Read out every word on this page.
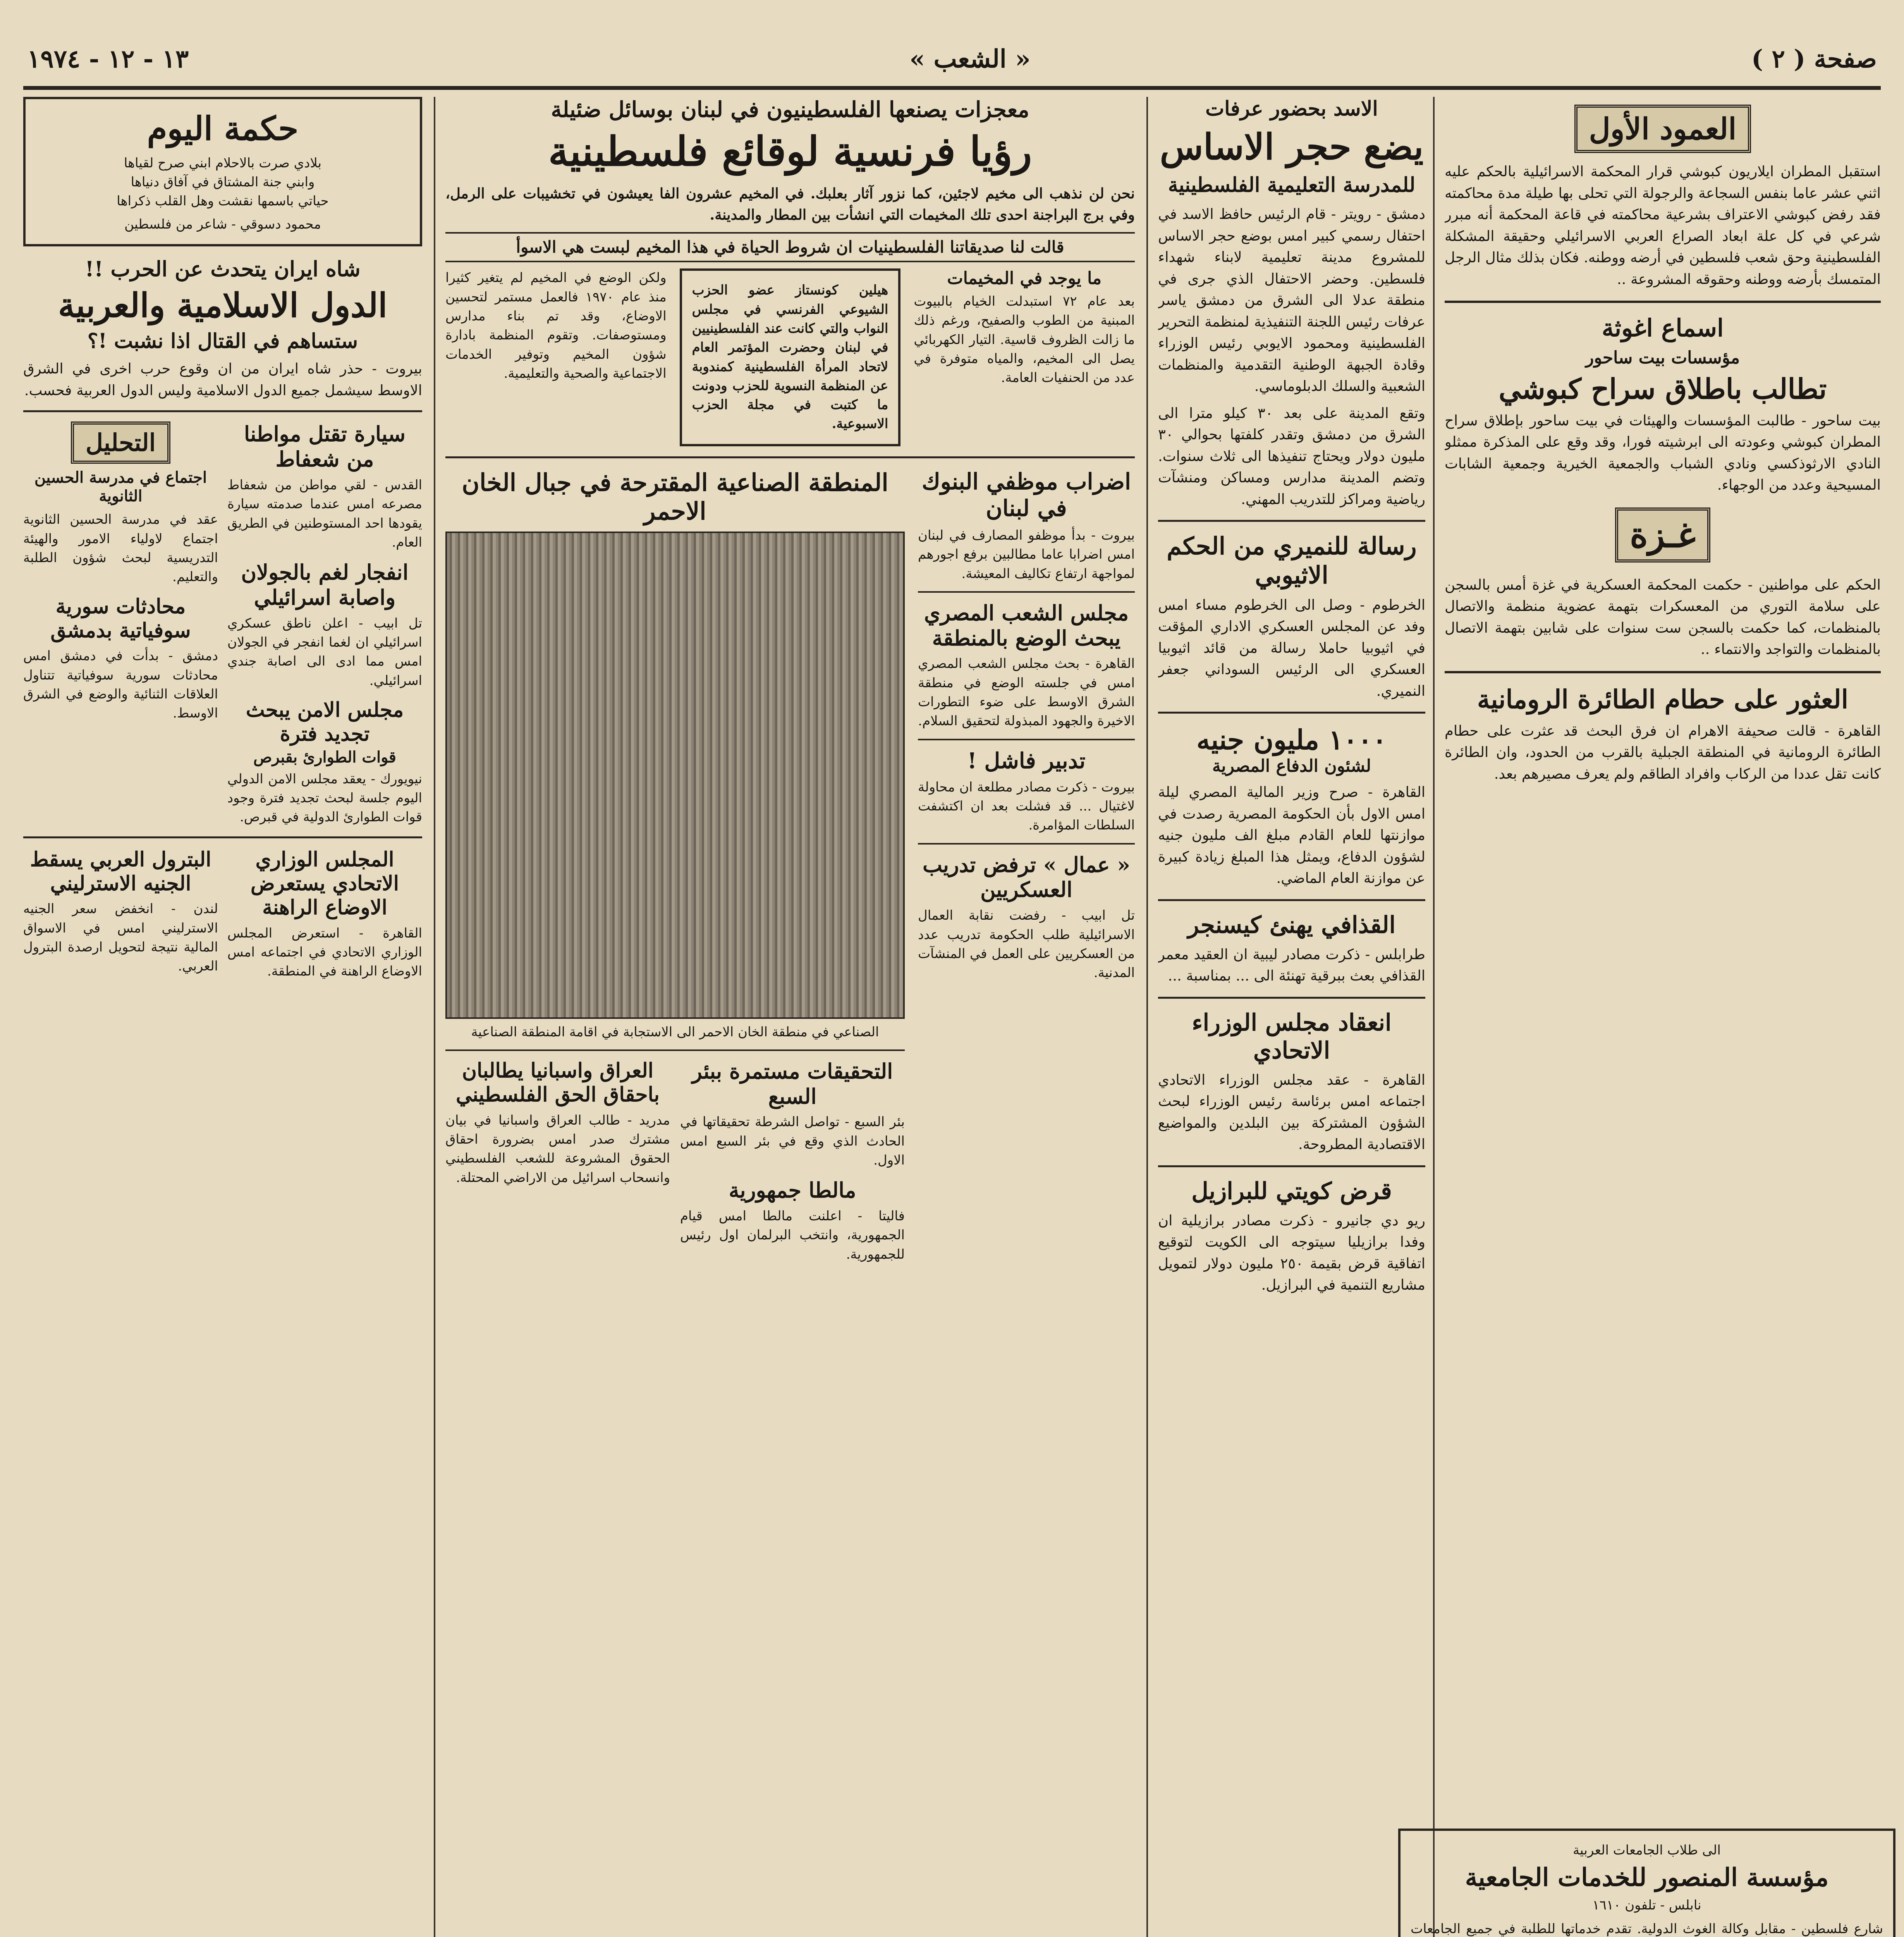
صفحة ( ٢ )
« الشعب »
١٣ - ١٢ - ١٩٧٤
العمود الأول
استقبل المطران ايلاريون كبوشي قرار المحكمة الاسرائيلية بالحكم عليه اثني عشر عاما بنفس السجاعة والرجولة التي تحلى بها طيلة مدة محاكمته فقد رفض كبوشي الاعتراف بشرعية محاكمته في قاعة المحكمة أنه مبرر شرعي في كل علة ابعاد الصراع العربي الاسرائيلي وحقيقة المشكلة الفلسطينية وحق شعب فلسطين في أرضه ووطنه. فكان بذلك مثال الرجل المتمسك بأرضه ووطنه وحقوقه المشروعة ..
اسماع اغوثة
مؤسسات بيت ساحور
تطالب باطلاق سراح كبوشي
بيت ساحور - طالبت المؤسسات والهيئات في بيت ساحور بإطلاق سراح المطران كبوشي وعودته الى ابرشيته فورا، وقد وقع على المذكرة ممثلو النادي الارثوذكسي ونادي الشباب والجمعية الخيرية وجمعية الشابات المسيحية وعدد من الوجهاء.
غـزة
الحكم على مواطنين - حكمت المحكمة العسكرية في غزة أمس بالسجن على سلامة التوري من المعسكرات بتهمة عضوية منظمة والاتصال بالمنظمات، كما حكمت بالسجن ست سنوات على شابين بتهمة الاتصال بالمنظمات والتواجد والانتماء ..
العثور على حطام الطائرة الرومانية
القاهرة - قالت صحيفة الاهرام ان فرق البحث قد عثرت على حطام الطائرة الرومانية في المنطقة الجبلية بالقرب من الحدود، وان الطائرة كانت تقل عددا من الركاب وافراد الطاقم ولم يعرف مصيرهم بعد.
الاسد بحضور عرفات
يضع حجر الاساس
للمدرسة التعليمية الفلسطينية
دمشق - رويتر - قام الرئيس حافظ الاسد في احتفال رسمي كبير امس بوضع حجر الاساس للمشروع مدينة تعليمية لابناء شهداء فلسطين. وحضر الاحتفال الذي جرى في منطقة عدلا الى الشرق من دمشق ياسر عرفات رئيس اللجنة التنفيذية لمنظمة التحرير الفلسطينية ومحمود الايوبي رئيس الوزراء وقادة الجبهة الوطنية التقدمية والمنظمات الشعبية والسلك الدبلوماسي.
وتقع المدينة على بعد ٣٠ كيلو مترا الى الشرق من دمشق وتقدر كلفتها بحوالي ٣٠ مليون دولار ويحتاج تنفيذها الى ثلاث سنوات. وتضم المدينة مدارس ومساكن ومنشآت رياضية ومراكز للتدريب المهني.
رسالة للنميري من الحكم الاثيوبي
الخرطوم - وصل الى الخرطوم مساء امس وفد عن المجلس العسكري الاداري المؤقت في اثيوبيا حاملا رسالة من قائد اثيوبيا العسكري الى الرئيس السوداني جعفر النميري.
١٠٠٠ مليون جنيه
لشئون الدفاع المصرية
القاهرة - صرح وزير المالية المصري ليلة امس الاول بأن الحكومة المصرية رصدت في موازنتها للعام القادم مبلغ الف مليون جنيه لشؤون الدفاع، ويمثل هذا المبلغ زيادة كبيرة عن موازنة العام الماضي.
القذافي يهنئ كيسنجر
طرابلس - ذكرت مصادر ليبية ان العقيد معمر القذافي بعث ببرقية تهنئة الى ... بمناسبة ...
انعقاد مجلس الوزراء الاتحادي
القاهرة - عقد مجلس الوزراء الاتحادي اجتماعه امس برئاسة رئيس الوزراء لبحث الشؤون المشتركة بين البلدين والمواضيع الاقتصادية المطروحة.
قرض كويتي للبرازيل
ريو دي جانيرو - ذكرت مصادر برازيلية ان وفدا برازيليا سيتوجه الى الكويت لتوقيع اتفاقية قرض بقيمة ٢٥٠ مليون دولار لتمويل مشاريع التنمية في البرازيل.
معجزات يصنعها الفلسطينيون في لبنان بوسائل ضئيلة
رؤيا فرنسية لوقائع فلسطينية
نحن لن نذهب الى مخيم لاجئين، كما نزور آثار بعلبك. في المخيم عشرون الفا يعيشون في تخشيبات على الرمل، وفي برج البراجنة احدى تلك المخيمات التي انشأت بين المطار والمدينة.
قالت لنا صديقاتنا الفلسطينيات ان شروط الحياة في هذا المخيم لبست هي الاسوأ
ما يوجد في المخيمات
بعد عام ٧٢ استبدلت الخيام بالبيوت المبنية من الطوب والصفيح، ورغم ذلك ما زالت الظروف قاسية. التيار الكهربائي يصل الى المخيم، والمياه متوفرة في عدد من الحنفيات العامة.
هيلين كونستاز عضو الحزب الشيوعي الفرنسي في مجلس النواب والتي كانت عند الفلسطينيين في لبنان وحضرت المؤتمر العام لاتحاد المرأة الفلسطينية كمندوبة عن المنظمة النسوية للحزب ودونت ما كتبت في مجلة الحزب الاسبوعية.
ولكن الوضع في المخيم لم يتغير كثيرا منذ عام ١٩٧٠ فالعمل مستمر لتحسين الاوضاع، وقد تم بناء مدارس ومستوصفات. وتقوم المنظمة بادارة شؤون المخيم وتوفير الخدمات الاجتماعية والصحية والتعليمية.
اضراب موظفي البنوك في لبنان
بيروت - بدأ موظفو المصارف في لبنان امس اضرابا عاما مطالبين برفع اجورهم لمواجهة ارتفاع تكاليف المعيشة.
مجلس الشعب المصري يبحث الوضع بالمنطقة
القاهرة - بحث مجلس الشعب المصري امس في جلسته الوضع في منطقة الشرق الاوسط على ضوء التطورات الاخيرة والجهود المبذولة لتحقيق السلام.
تدبير فاشل !
بيروت - ذكرت مصادر مطلعة ان محاولة لاغتيال ... قد فشلت بعد ان اكتشفت السلطات المؤامرة.
« عمال » ترفض تدريب العسكريين
تل ابيب - رفضت نقابة العمال الاسرائيلية طلب الحكومة تدريب عدد من العسكريين على العمل في المنشآت المدنية.
المنطقة الصناعية المقترحة في جبال الخان الاحمر
الصناعي في منطقة الخان الاحمر الى الاستجابة في اقامة المنطقة الصناعية
التحقيقات مستمرة ببئر السبع
بئر السبع - تواصل الشرطة تحقيقاتها في الحادث الذي وقع في بئر السبع امس الاول.
مالطا جمهورية
فاليتا - اعلنت مالطا امس قيام الجمهورية، وانتخب البرلمان اول رئيس للجمهورية.
العراق واسبانيا يطالبان باحقاق الحق الفلسطيني
مدريد - طالب العراق واسبانيا في بيان مشترك صدر امس بضرورة احقاق الحقوق المشروعة للشعب الفلسطيني وانسحاب اسرائيل من الاراضي المحتلة.
حكمة اليوم
بلادي صرت بالاحلام ابني صرح لقياها
وابني جنة المشتاق في آفاق دنياها
حياتي باسمها نقشت وهل القلب ذكراها
محمود دسوقي - شاعر من فلسطين
شاه ايران يتحدث عن الحرب !!
الدول الاسلامية والعربية
ستساهم في القتال اذا نشبت !؟
بيروت - حذر شاه ايران من ان وقوع حرب اخرى في الشرق الاوسط سيشمل جميع الدول الاسلامية وليس الدول العربية فحسب.
سيارة تقتل مواطنا من شعفاط
القدس - لقي مواطن من شعفاط مصرعه امس عندما صدمته سيارة يقودها احد المستوطنين في الطريق العام.
انفجار لغم بالجولان واصابة اسرائيلي
تل ابيب - اعلن ناطق عسكري اسرائيلي ان لغما انفجر في الجولان امس مما ادى الى اصابة جندي اسرائيلي.
مجلس الامن يبحث تجديد فترة
قوات الطوارئ بقبرص
نيويورك - يعقد مجلس الامن الدولي اليوم جلسة لبحث تجديد فترة وجود قوات الطوارئ الدولية في قبرص.
التحليل
اجتماع في مدرسة الحسين الثانوية
عقد في مدرسة الحسين الثانوية اجتماع لاولياء الامور والهيئة التدريسية لبحث شؤون الطلبة والتعليم.
محادثات سورية سوفياتية بدمشق
دمشق - بدأت في دمشق امس محادثات سورية سوفياتية تتناول العلاقات الثنائية والوضع في الشرق الاوسط.
المجلس الوزاري الاتحادي يستعرض الاوضاع الراهنة
القاهرة - استعرض المجلس الوزاري الاتحادي في اجتماعه امس الاوضاع الراهنة في المنطقة.
البترول العربي يسقط الجنيه الاسترليني
لندن - انخفض سعر الجنيه الاسترليني امس في الاسواق المالية نتيجة لتحويل ارصدة البترول العربي.
الى طلاب الجامعات العربية
مؤسسة المنصور للخدمات الجامعية
نابلس - تلفون ١٦١٠
شارع فلسطين - مقابل وكالة الغوث الدولية. تقدم خدماتها للطلبة في جميع الجامعات
